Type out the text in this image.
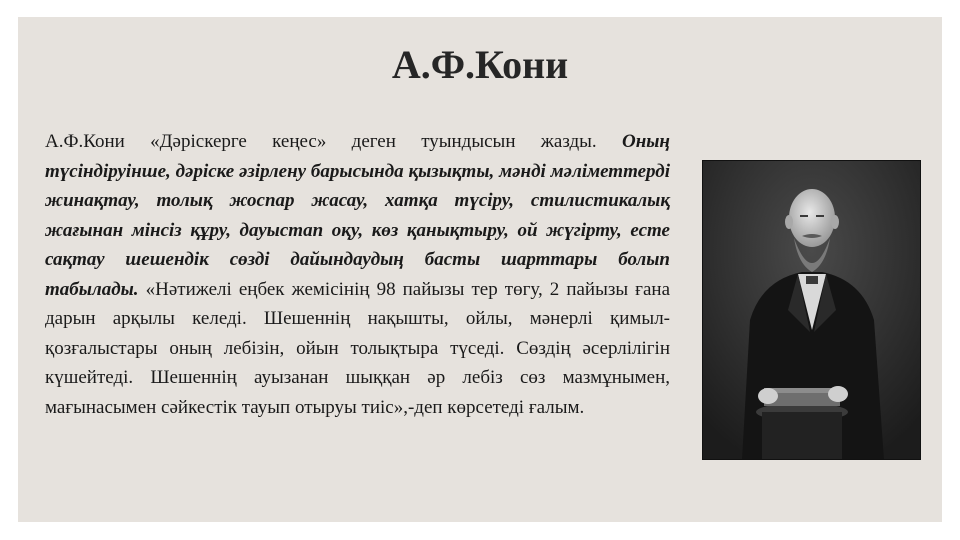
А.Ф.Кони

А.Ф.Кони «Дәріскерге кеңес» деген туындысын жазды. Оның түсіндіруінше, дәріске әзірлену барысында қызықты, мәнді мәліметтерді жинақтау, толық жоспар жасау, хатқа түсіру, стилистикалық жағынан мінсіз құру, дауыстап оқу, көз қанықтыру, ой жүгірту, есте сақтау шешендік сөзді дайындаудың басты шарттары болып табылады. «Нәтижелі еңбек жемісінің 98 пайызы тер төгу, 2 пайызы ғана дарын арқылы келеді. Шешеннің нақышты, ойлы, мәнерлі қимыл-қозғалыстары оның лебізін, ойын толықтыра түседі. Сөздің әсерлілігін күшейтеді. Шешеннің ауызанан шыққан әр лебіз сөз мазмұнымен, мағынасымен сәйкестік тауып отыруы тиіс»,-деп көрсетеді ғалым.
